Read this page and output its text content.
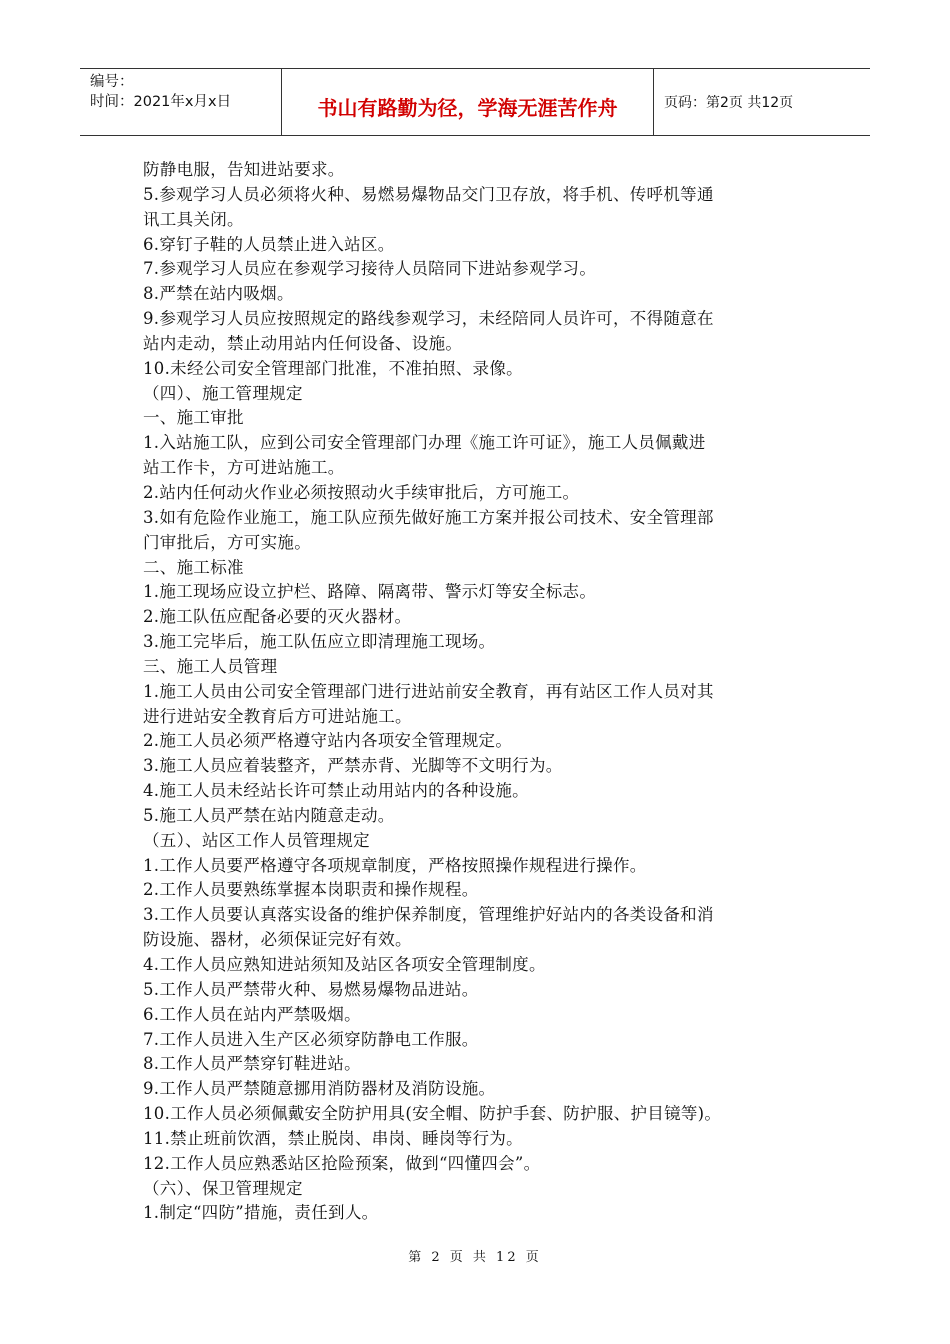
编号：
时间：2021年x月x日	书山有路勤为径，学海无涯苦作舟	页码：第2页 共12页

防静电服，告知进站要求。

5.参观学习人员必须将火种、易燃易爆物品交门卫存放，将手机、传呼机等通

讯工具关闭。

6.穿钉子鞋的人员禁止进入站区。

7.参观学习人员应在参观学习接待人员陪同下进站参观学习。

8.严禁在站内吸烟。

9.参观学习人员应按照规定的路线参观学习，未经陪同人员许可，不得随意在

站内走动，禁止动用站内任何设备、设施。

10.未经公司安全管理部门批准，不准拍照、录像。

（四）、施工管理规定

一、施工审批

1.入站施工队，应到公司安全管理部门办理《施工许可证》，施工人员佩戴进

站工作卡，方可进站施工。

2.站内任何动火作业必须按照动火手续审批后，方可施工。

3.如有危险作业施工，施工队应预先做好施工方案并报公司技术、安全管理部

门审批后，方可实施。

二、施工标准

1.施工现场应设立护栏、路障、隔离带、警示灯等安全标志。

2.施工队伍应配备必要的灭火器材。

3.施工完毕后，施工队伍应立即清理施工现场。

三、施工人员管理

1.施工人员由公司安全管理部门进行进站前安全教育，再有站区工作人员对其

进行进站安全教育后方可进站施工。

2.施工人员必须严格遵守站内各项安全管理规定。

3.施工人员应着装整齐，严禁赤背、光脚等不文明行为。

4.施工人员未经站长许可禁止动用站内的各种设施。

5.施工人员严禁在站内随意走动。

（五）、站区工作人员管理规定

1.工作人员要严格遵守各项规章制度，严格按照操作规程进行操作。

2.工作人员要熟练掌握本岗职责和操作规程。

3.工作人员要认真落实设备的维护保养制度，管理维护好站内的各类设备和消

防设施、器材，必须保证完好有效。

4.工作人员应熟知进站须知及站区各项安全管理制度。

5.工作人员严禁带火种、易燃易爆物品进站。

6.工作人员在站内严禁吸烟。

7.工作人员进入生产区必须穿防静电工作服。

8.工作人员严禁穿钉鞋进站。

9.工作人员严禁随意挪用消防器材及消防设施。

10.工作人员必须佩戴安全防护用具(安全帽、防护手套、防护服、护目镜等)。

11.禁止班前饮酒，禁止脱岗、串岗、睡岗等行为。

12.工作人员应熟悉站区抢险预案，做到“四懂四会”。

（六）、保卫管理规定

1.制定“四防”措施，责任到人。

第 2 页 共 12 页
